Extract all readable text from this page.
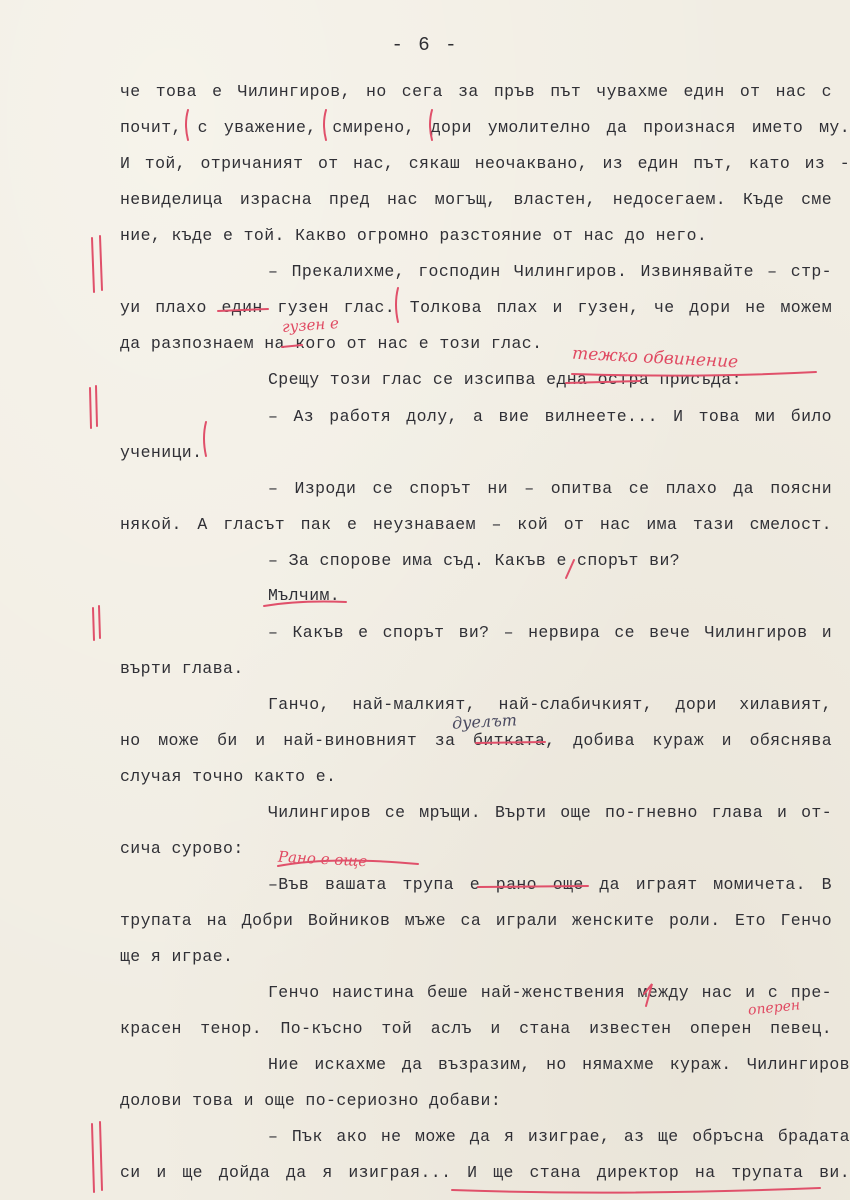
- 6 -
че това е Чилингиров, но сега за пръв път чувахме един от нас с
почит, с уважение, смирено, дори умолително да произнася името му.
И той, отричаният от нас, сякаш неочаквано, из един път, като из -
невиделица израсна пред нас могъщ, властен, недосегаем. Къде сме
ние, къде е той. Какво огромно разстояние от нас до него.
– Прекалихме, господин Чилингиров. Извинявайте – стр-
уи плахо един гузен глас. Толкова плах и гузен, че дори не можем
да разпознаем на кого от нас е този глас.
Срещу този глас се изсипва една остра присъда:
– Аз работя долу, а вие вилнеете... И това ми било
ученици.
– Изроди се спорът ни – опитва се плахо да поясни
някой. А гласът пак е неузнаваем – кой от нас има тази смелост.
– За спорове има съд. Какъв е спорът ви?
Мълчим.
– Какъв е спорът ви? – нервира се вече Чилингиров и
върти глава.
Ганчо, най-малкият, най-слабичкият, дори хилавият,
но може би и най-виновният за битката, добива кураж и обяснява
случая точно както е.
Чилингиров се мръщи. Върти още по-гневно глава и от-
сича сурово:
–Във вашата трупа е рано още да играят момичета. В
трупата на Добри Войников мъже са играли женските роли. Ето Генчо
ще я играе.
Генчо наистина беше най-женствения между нас и с пре-
красен тенор. По-късно той аслъ и стана известен оперен певец.
Ние искахме да възразим, но нямахме кураж. Чилингиров
долови това и още по-сериозно добави:
– Пък ако не може да я изиграе, аз ще обръсна брадата
си и ще дойда да я изиграя... И ще стана директор на трупата ви.
гузен е
тежко обвинение
дуелът
Рано е още
оперен
